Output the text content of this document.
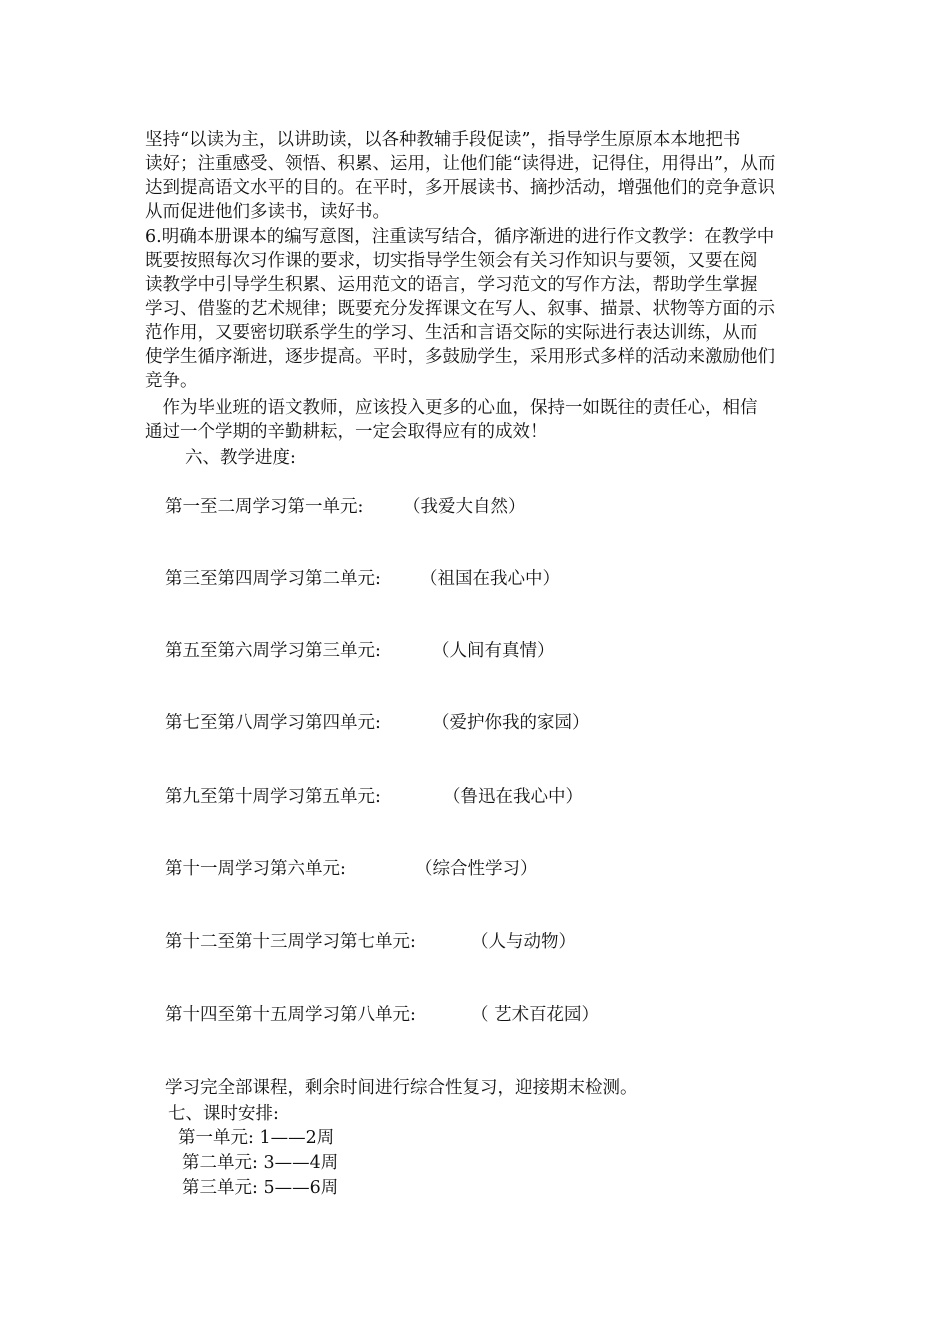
坚持“以读为主，以讲助读，以各种教辅手段促读”，指导学生原原本本地把书
读好；注重感受、领悟、积累、运用，让他们能“读得进，记得住，用得出”，从而
达到提高语文水平的目的。在平时，多开展读书、摘抄活动，增强他们的竞争意识
从而促进他们多读书，读好书。
6.明确本册课本的编写意图，注重读写结合，循序渐进的进行作文教学：在教学中
既要按照每次习作课的要求，切实指导学生领会有关习作知识与要领，又要在阅
读教学中引导学生积累、运用范文的语言，学习范文的写作方法，帮助学生掌握
学习、借鉴的艺术规律；既要充分发挥课文在写人、叙事、描景、状物等方面的示
范作用，又要密切联系学生的学习、生活和言语交际的实际进行表达训练，从而
使学生循序渐进，逐步提高。平时，多鼓励学生，采用形式多样的活动来激励他们
竞争。
　作为毕业班的语文教师，应该投入更多的心血，保持一如既往的责任心，相信
通过一个学期的辛勤耕耘，一定会取得应有的成效！
六、教学进度:
第一至二周学习第一单元: （我爱大自然）
第三至第四周学习第二单元: （祖国在我心中）
第五至第六周学习第三单元:	（人间有真情）
第七至第八周学习第四单元:	（爱护你我的家园）
第九至第十周学习第五单元:	（鲁迅在我心中）
第十一周学习第六单元:	（综合性学习）
第十二至第十三周学习第七单元:	（人与动物）
第十四至第十五周学习第八单元:	（ 艺术百花园）
学习完全部课程，剩余时间进行综合性复习，迎接期末检测。
七、课时安排:
第一单元: 1——2周
第二单元: 3——4周
第三单元: 5——6周
